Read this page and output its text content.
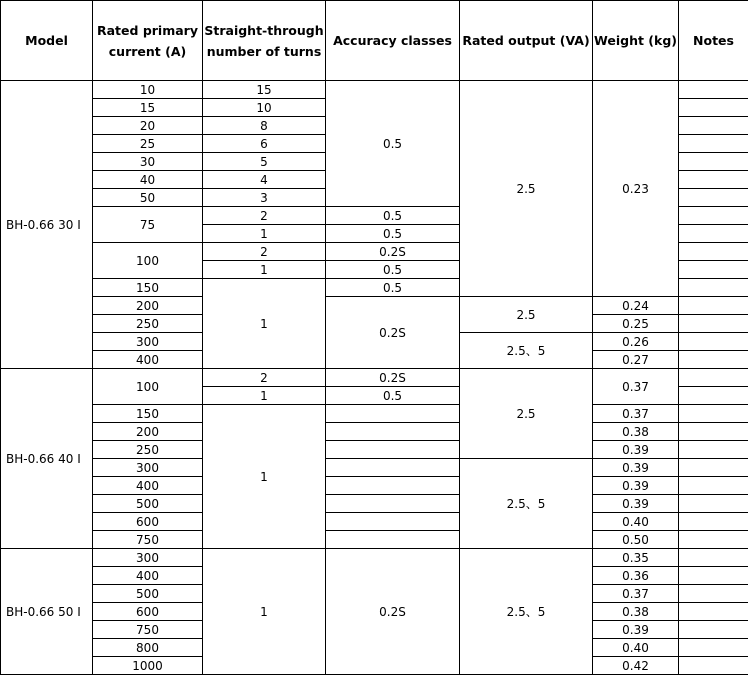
Model	Rated primary current (A)	Straight-through number of turns	Accuracy classes	Rated output (VA)	Weight (kg)	Notes
BH-0.66 30 I	10	15	0.5	2.5	0.23	
	15	10				
	20	8				
	25	6				
	30	5				
	40	4				
	50	3				
	75	2	0.5			
		1	0.5			
	100	2	0.2S			
		1	0.5			
	150	1	0.5			
	200		0.2S	2.5	0.24	
	250				0.25	
	300			2.5、5	0.26	
	400				0.27	
BH-0.66 40 I	100	2	0.2S	2.5	0.37	
		1	0.5			
	150	1			0.37	
	200				0.38	
	250				0.39	
	300			2.5、5	0.39	
	400				0.39	
	500				0.39	
	600				0.40	
	750				0.50	
BH-0.66 50 I	300	1	0.2S	2.5、5	0.35	
	400				0.36	
	500				0.37	
	600				0.38	
	750				0.39	
	800				0.40	
	1000				0.42	
